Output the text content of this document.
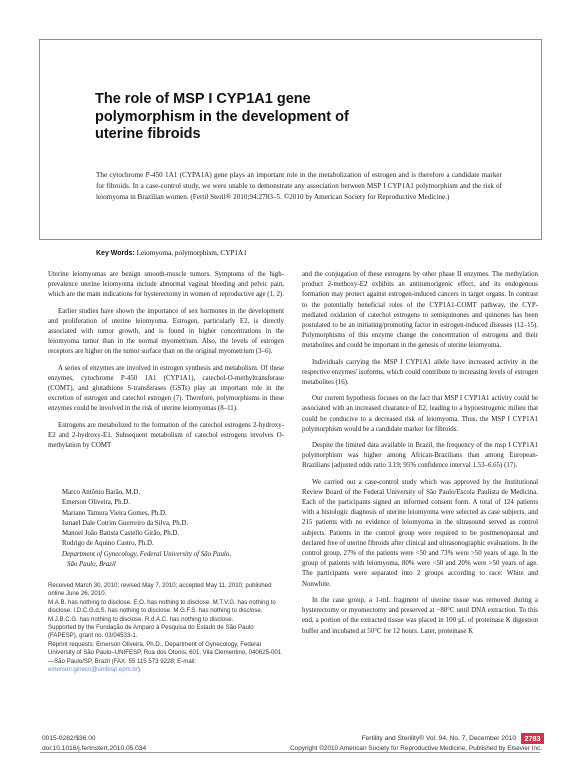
The role of MSP I CYP1A1 gene
polymorphism in the development of
uterine fibroids
The cytochrome P-450 1A1 (CYPA1A) gene plays an important role in the metabolization of estrogen and is therefore a candidate marker for fibroids. In a case-control study, we were unable to demonstrate any association between MSP I CYP1A1 polymorphism and the risk of leiomyoma in Brazilian women. (Fertil Steril® 2010;94:2783–5. ©2010 by American Society for Reproductive Medicine.)
Key Words: Leiomyoma, polymorphism, CYP1A1

Uterine leiomyomas are benign smooth-muscle tumors. Symptoms of the high-prevalence uterine leiomyoma include abnormal vaginal bleeding and pelvic pain, which are the main indications for hysterectomy in women of reproductive age (1, 2).

Earlier studies have shown the importance of sex hormones in the development and proliferation of uterine leiomyoma. Estrogen, particularly E2, is directly associated with tumor growth, and is found in higher concentrations in the leiomyoma tumor than in the normal myometrium. Also, the levels of estrogen receptors are higher on the tumor surface than on the original myometrium (3–6).

A series of enzymes are involved in estrogen synthesis and metabolism. Of these enzymes, cytochrome P-450 1A1 (CYP1A1), catechol-O-methyltransferase (COMT), and glutathione S-transferases (GSTs) play an important role in the excretion of estrogen and catechol estrogen (7). Therefore, polymorphisms in these enzymes could be involved in the risk of uterine leiomyomas (8–11).

Estrogens are metabolized to the formation of the catechol estrogens 2-hydroxy-E2 and 2-hydroxy-E1. Subsequent metabolism of catechol estrogens involves O-methylation by COMT

and the conjugation of these estrogens by other phase II enzymes. The methylation product 2-methoxy-E2 exhibits an antitumorigenic effect, and its endogenous formation may protect against estrogen-induced cancers in target organs. In contrast to the potentially beneficial roles of the CYP1A1-COMT pathway, the CYP-mediated oxidation of catechol estrogens to semiquinones and quinones has been postulated to be an initiating/promoting factor in estrogen-induced diseases (12–15). Polymorphisms of this enzyme change the concentration of estrogens and their metabolites and could be important in the genesis of uterine leiomyoma.

Individuals carrying the MSP I CYP1A1 allele have increased activity in the respective enzymes' isoforms, which could contribute to increasing levels of estrogen metabolites (16).

Our current hypothesis focuses on the fact that MSP I CYP1A1 activity could be associated with an increased clearance of E2, leading to a hypoestrogenic milieu that could be conducive to a decreased risk of leiomyoma. Thus, the MSP I CYP1A1 polymorphism would be a candidate marker for fibroids.

Despite the limited data available in Brazil, the frequency of the msp I CYP1A1 polymorphism was higher among African-Brazilians than among European-Brazilians (adjusted odds ratio 3.19; 95% confidence interval 1.53–6.65) (17).

We carried out a case-control study which was approved by the Institutional Review Board of the Federal University of São Paulo/Escola Paulista de Medicina. Each of the participants signed an informed consent form. A total of 124 patients with a histologic diagnosis of uterine leiomyoma were selected as case subjects, and 215 patients with no evidence of leiomyoma in the ultrasound served as control subjects. Patients in the control group were required to be postmenopausal and declared free of uterine fibroids after clinical and ultrasonographic evaluations. In the control group, 27% of the patients were <50 and 73% were >50 years of age. In the group of patients with leiomyoma, 80% were <50 and 20% were >50 years of age. The participants were separated into 2 groups according to race: White and Nonwhite.

In the case group, a 1-mL fragment of uterine tissue was removed during a hysterectomy or myomectomy and preserved at −80°C until DNA extraction. To this end, a portion of the extracted tissue was placed in 100 μL of proteinase K digestion buffer and incubated at 50°C for 12 hours. Later, proteinase K

Marco Antônio Barão, M.D.
Emerson Oliveira, Ph.D.
Mariano Tamura Vieira Gomes, Ph.D.
Ismael Dale Cotrim Guerreiro da Silva, Ph.D.
Manoel João Batista Castello Girão, Ph.D.
Rodrigo de Aquino Castro, Ph.D.
Department of Gynecology, Federal University of São Paulo,
São Paulo, Brazil
Received March 30, 2010; revised May 7, 2010; accepted May 11, 2010; published online June 26, 2010.
M.A.B. has nothing to disclose. E.O. has nothing to disclose. M.T.V.G. has nothing to disclose. I.D.C.G.d.S. has nothing to disclose. M.G.F.S. has nothing to disclose. M.J.B.C.G. has nothing to disclose. R.d.A.C. has nothing to disclose.
Supported by the Fundação de Amparo à Pesquisa do Estado de São Paulo (FAPESP), grant no. 03/04533-1.
Reprint requests: Emerson Oliveira, Ph.D., Department of Gynecology, Federal University of São Paulo–UNIFESP, Rua dos Otonis, 601, Vila Clementino, 040625-001—São Paulo/SP, Brazil (FAX: 55 115 573 9228; E-mail: emerson.gineco@unifesp.epm.br).
0015-0282/$36.00
doi:10.1016/j.fertnstert.2010.05.034
Fertility and Sterility® Vol. 94, No. 7, December 2010
Copyright ©2010 American Society for Reproductive Medicine, Published by Elsevier Inc.
2783
